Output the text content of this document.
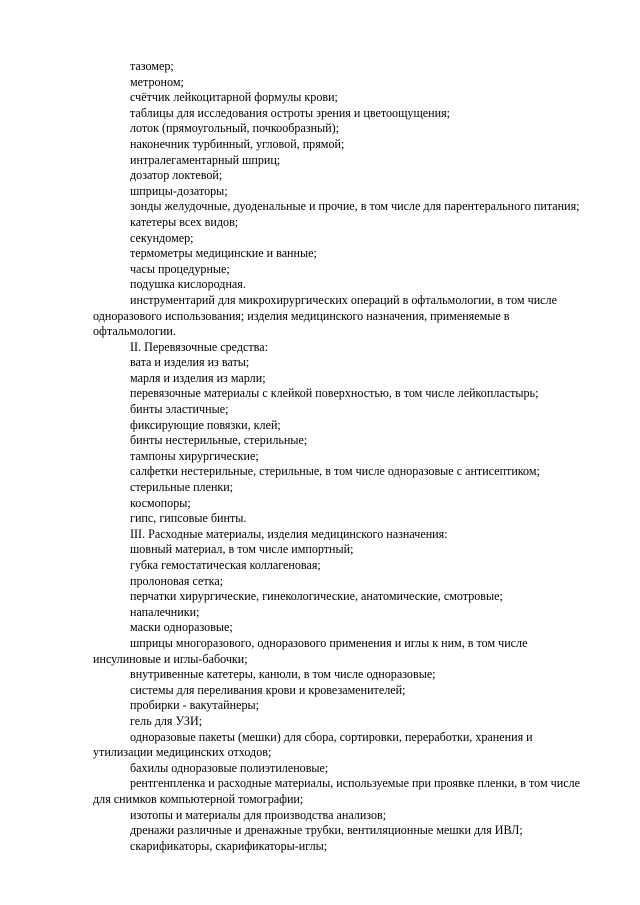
тазомер;

метроном;

счётчик лейкоцитарной формулы крови;

таблицы для исследования остроты зрения и цветоощущения;

лоток (прямоугольный, почкообразный);

наконечник турбинный, угловой, прямой;

интралегаментарный шприц;

дозатор локтевой;

шприцы-дозаторы;

зонды желудочные, дуоденальные и прочие, в том числе для парентерального питания;

катетеры всех видов;

секундомер;

термометры медицинские и ванные;

часы процедурные;

подушка кислородная.

инструментарий для микрохирургических операций в офтальмологии, в том числе одноразового использования; изделия медицинского назначения, применяемые в офтальмологии.

II. Перевязочные средства:

вата и изделия из ваты;

марля и изделия из марли;

перевязочные материалы с клейкой поверхностью, в том числе лейкопластырь;

бинты эластичные;

фиксирующие повязки, клей;

бинты нестерильные, стерильные;

тампоны хирургические;

салфетки нестерильные, стерильные, в том числе одноразовые с антисептиком;

стерильные пленки;

космопоры;

гипс, гипсовые бинты.

III. Расходные материалы, изделия медицинского назначения:

шовный материал, в том числе импортный;

губка гемостатическая коллагеновая;

пролоновая сетка;

перчатки хирургические, гинекологические, анатомические, смотровые;

напалечники;

маски одноразовые;

шприцы многоразового, одноразового применения и иглы к ним, в том числе инсулиновые и иглы-бабочки;

внутривенные катетеры, канюли, в том числе одноразовые;

системы для переливания крови и кровезаменителей;

пробирки - вакутайнеры;

гель для УЗИ;

одноразовые пакеты (мешки) для сбора, сортировки, переработки, хранения и утилизации медицинских отходов;

бахилы одноразовые полиэтиленовые;

рентгенпленка и расходные материалы, используемые при проявке пленки, в том числе для снимков компьютерной томографии;

изотопы и материалы для производства анализов;

дренажи различные и дренажные трубки, вентиляционные мешки для ИВЛ;

скарификаторы, скарификаторы-иглы;
